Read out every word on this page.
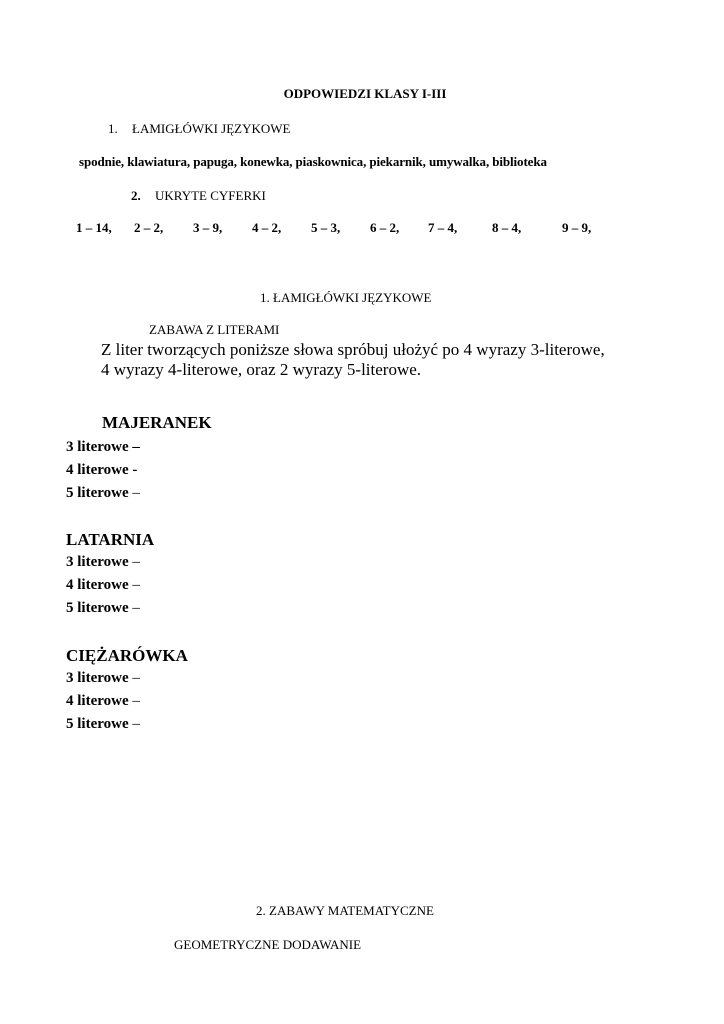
ODPOWIEDZI KLASY I-III
1. ŁAMIGŁÓWKI JĘZYKOWE
spodnie, klawiatura, papuga, konewka, piaskownica, piekarnik, umywalka, biblioteka
2. UKRYTE CYFERKI
1 – 14, 2 – 2, 3 – 9, 4 – 2, 5 – 3, 6 – 2, 7 – 4,	8 – 4,	9 – 9,
1. ŁAMIGŁÓWKI JĘZYKOWE
ZABAWA Z LITERAMI
Z liter tworzących poniższe słowa spróbuj ułożyć po 4 wyrazy 3-literowe,
4 wyrazy 4-literowe, oraz 2 wyrazy 5-literowe.
MAJERANEK
3 literowe –
4 literowe -
5 literowe –
LATARNIA
3 literowe –
4 literowe –
5 literowe –
CIĘŻARÓWKA
3 literowe –
4 literowe –
5 literowe –
2. ZABAWY MATEMATYCZNE
GEOMETRYCZNE DODAWANIE
